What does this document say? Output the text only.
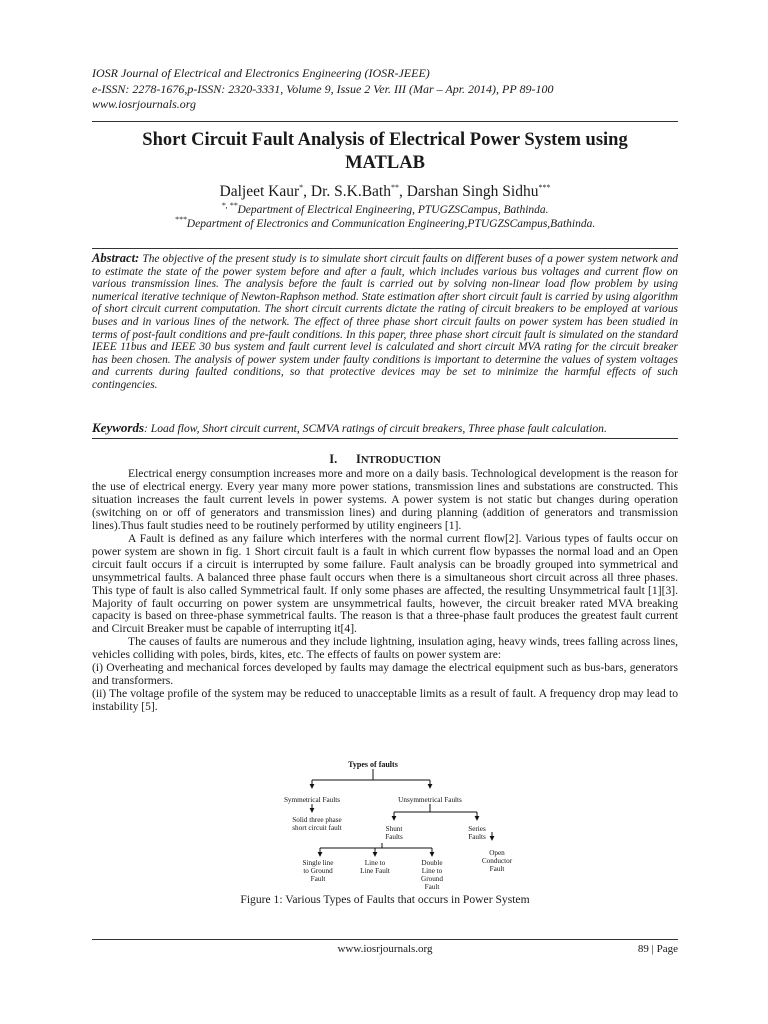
IOSR Journal of Electrical and Electronics Engineering (IOSR-JEEE)
e-ISSN: 2278-1676,p-ISSN: 2320-3331, Volume 9, Issue 2 Ver. III (Mar – Apr. 2014), PP 89-100
www.iosrjournals.org
Short Circuit Fault Analysis of Electrical Power System using
MATLAB
Daljeet Kaur*, Dr. S.K.Bath**, Darshan Singh Sidhu***
*, **Department of Electrical Engineering, PTUGZSCampus, Bathinda.
***Department of Electronics and Communication Engineering,PTUGZSCampus,Bathinda.
Abstract: The objective of the present study is to simulate short circuit faults on different buses of a power system network and to estimate the state of the power system before and after a fault, which includes various bus voltages and current flow on various transmission lines. The analysis before the fault is carried out by solving non-linear load flow problem by using numerical iterative technique of Newton-Raphson method. State estimation after short circuit fault is carried by using algorithm of short circuit current computation. The short circuit currents dictate the rating of circuit breakers to be employed at various buses and in various lines of the network. The effect of three phase short circuit faults on power system has been studied in terms of post-fault conditions and pre-fault conditions. In this paper, three phase short circuit fault is simulated on the standard IEEE 11bus and IEEE 30 bus system and fault current level is calculated and short circuit MVA rating for the circuit breaker has been chosen. The analysis of power system under faulty conditions is important to determine the values of system voltages and currents during faulted conditions, so that protective devices may be set to minimize the harmful effects of such contingencies.
Keywords: Load flow, Short circuit current, SCMVA ratings of circuit breakers, Three phase fault calculation.
I. INTRODUCTION

Electrical energy consumption increases more and more on a daily basis. Technological development is the reason for the use of electrical energy. Every year many more power stations, transmission lines and substations are constructed. This situation increases the fault current levels in power systems. A power system is not static but changes during operation (switching on or off of generators and transmission lines) and during planning (addition of generators and transmission lines).Thus fault studies need to be routinely performed by utility engineers [1].

A Fault is defined as any failure which interferes with the normal current flow[2]. Various types of faults occur on power system are shown in fig. 1 Short circuit fault is a fault in which current flow bypasses the normal load and an Open circuit fault occurs if a circuit is interrupted by some failure. Fault analysis can be broadly grouped into symmetrical and unsymmetrical faults. A balanced three phase fault occurs when there is a simultaneous short circuit across all three phases. This type of fault is also called Symmetrical fault. If only some phases are affected, the resulting Unsymmetrical fault [1][3]. Majority of fault occurring on power system are unsymmetrical faults, however, the circuit breaker rated MVA breaking capacity is based on three-phase symmetrical faults. The reason is that a three-phase fault produces the greatest fault current and Circuit Breaker must be capable of interrupting it[4].

The causes of faults are numerous and they include lightning, insulation aging, heavy winds, trees falling across lines, vehicles colliding with poles, birds, kites, etc. The effects of faults on power system are:

(i) Overheating and mechanical forces developed by faults may damage the electrical equipment such as bus-bars, generators and transformers.

(ii) The voltage profile of the system may be reduced to unacceptable limits as a result of fault. A frequency drop may lead to instability [5].

Types of faults
Symmetrical Faults	Unsymmetrical Faults
Solid three phase
short circuit fault	Shunt
Faults
Series
Faults
Single line
to Ground
Fault
Line to
Line Fault
Double
Line to
Ground
Fault
Open
Conductor
Fault
Figure 1: Various Types of Faults that occurs in Power System
www.iosrjournals.org	89 | Page
